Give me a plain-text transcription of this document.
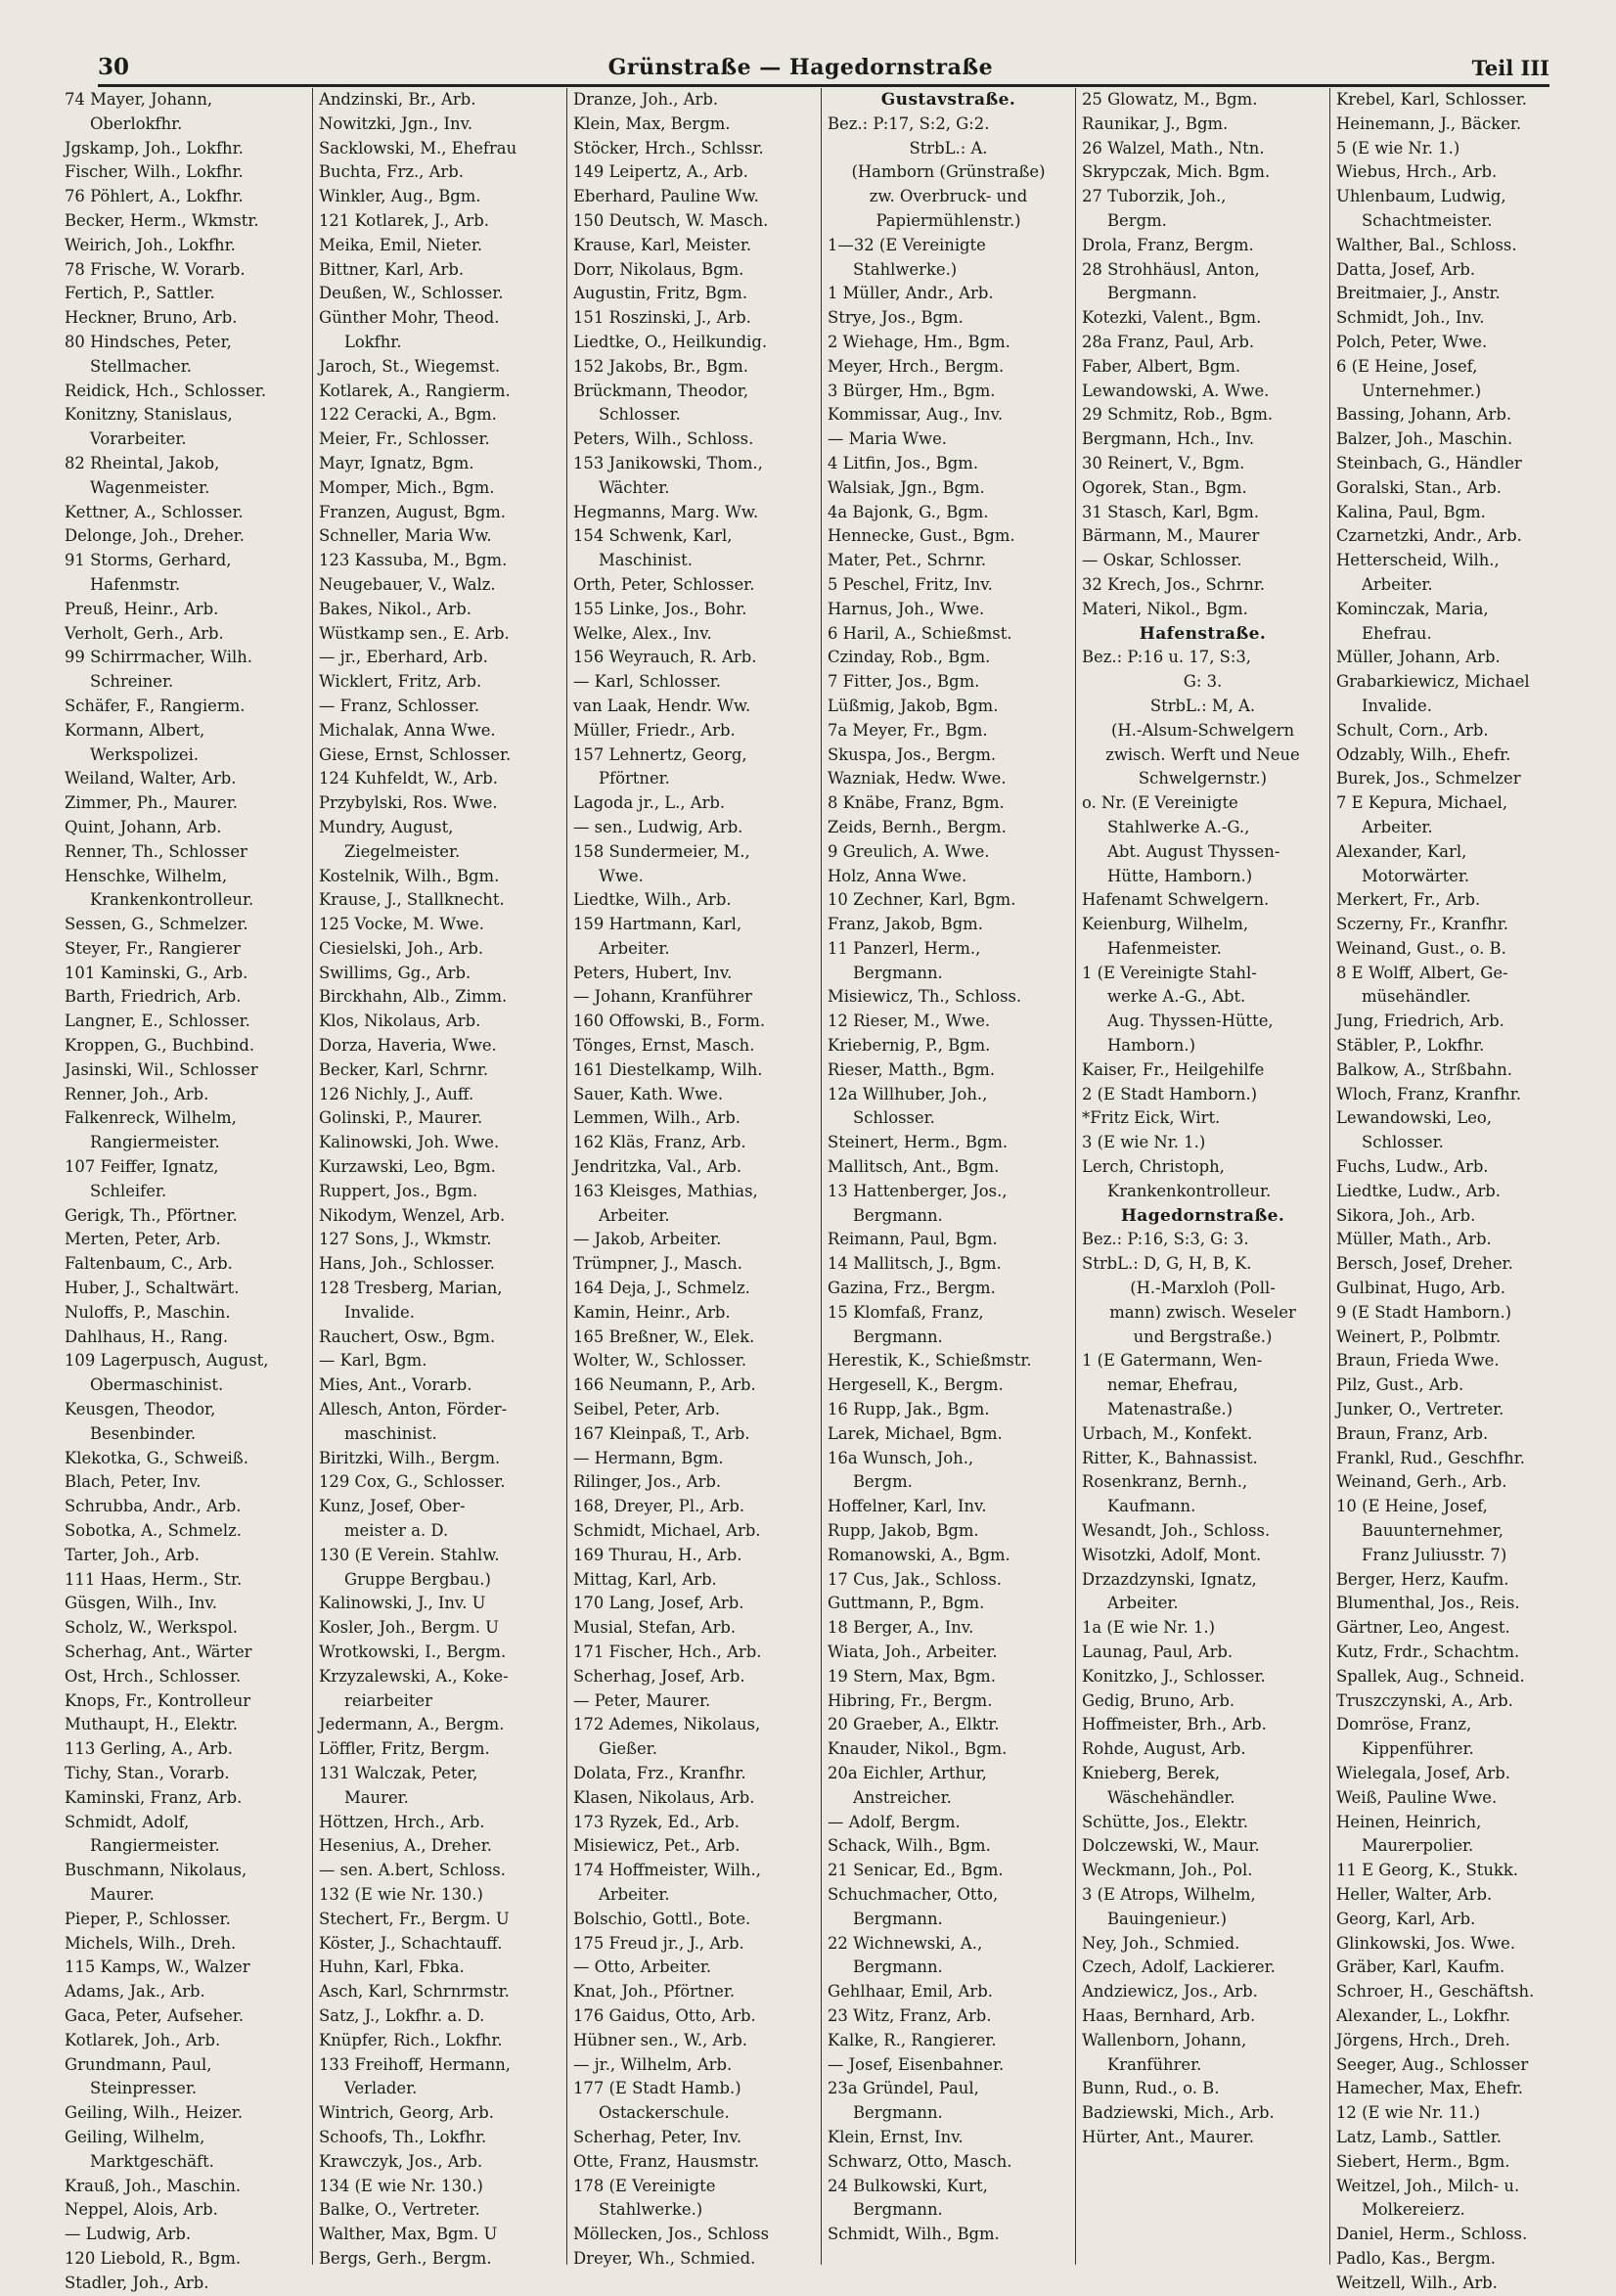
30	Grünstraße — Hagedornstraße	Teil III
74 Mayer, Johann,
Oberlokfhr.
Jgskamp, Joh., Lokfhr.
Fischer, Wilh., Lokfhr.
76 Pöhlert, A., Lokfhr.
Becker, Herm., Wkmstr.
Weirich, Joh., Lokfhr.
78 Frische, W. Vorarb.
Fertich, P., Sattler.
Heckner, Bruno, Arb.
80 Hindsches, Peter,
Stellmacher.
Reidick, Hch., Schlosser.
Konitzny, Stanislaus,
Vorarbeiter.
82 Rheintal, Jakob,
Wagenmeister.
Kettner, A., Schlosser.
Delonge, Joh., Dreher.
91 Storms, Gerhard,
Hafenmstr.
Preuß, Heinr., Arb.
Verholt, Gerh., Arb.
99 Schirrmacher, Wilh.
Schreiner.
Schäfer, F., Rangierm.
Kormann, Albert,
Werkspolizei.
Weiland, Walter, Arb.
Zimmer, Ph., Maurer.
Quint, Johann, Arb.
Renner, Th., Schlosser
Henschke, Wilhelm,
Krankenkontrolleur.
Sessen, G., Schmelzer.
Steyer, Fr., Rangierer
101 Kaminski, G., Arb.
Barth, Friedrich, Arb.
Langner, E., Schlosser.
Kroppen, G., Buchbind.
Jasinski, Wil., Schlosser
Renner, Joh., Arb.
Falkenreck, Wilhelm,
Rangiermeister.
107 Feiffer, Ignatz,
Schleifer.
Gerigk, Th., Pförtner.
Merten, Peter, Arb.
Faltenbaum, C., Arb.
Huber, J., Schaltwärt.
Nuloffs, P., Maschin.
Dahlhaus, H., Rang.
109 Lagerpusch, August,
Obermaschinist.
Keusgen, Theodor,
Besenbinder.
Klekotka, G., Schweiß.
Blach, Peter, Inv.
Schrubba, Andr., Arb.
Sobotka, A., Schmelz.
Tarter, Joh., Arb.
111 Haas, Herm., Str.
Güsgen, Wilh., Inv.
Scholz, W., Werkspol.
Scherhag, Ant., Wärter
Ost, Hrch., Schlosser.
Knops, Fr., Kontrolleur
Muthaupt, H., Elektr.
113 Gerling, A., Arb.
Tichy, Stan., Vorarb.
Kaminski, Franz, Arb.
Schmidt, Adolf,
Rangiermeister.
Buschmann, Nikolaus,
Maurer.
Pieper, P., Schlosser.
Michels, Wilh., Dreh.
115 Kamps, W., Walzer
Adams, Jak., Arb.
Gaca, Peter, Aufseher.
Kotlarek, Joh., Arb.
Grundmann, Paul,
Steinpresser.
Geiling, Wilh., Heizer.
Geiling, Wilhelm,
Marktgeschäft.
Krauß, Joh., Maschin.
Neppel, Alois, Arb.
— Ludwig, Arb.
120 Liebold, R., Bgm.
Stadler, Joh., Arb.
Andzinski, Br., Arb.
Nowitzki, Jgn., Inv.
Sacklowski, M., Ehefrau
Buchta, Frz., Arb.
Winkler, Aug., Bgm.
121 Kotlarek, J., Arb.
Meika, Emil, Nieter.
Bittner, Karl, Arb.
Deußen, W., Schlosser.
Günther Mohr, Theod.
Lokfhr.
Jaroch, St., Wiegemst.
Kotlarek, A., Rangierm.
122 Ceracki, A., Bgm.
Meier, Fr., Schlosser.
Mayr, Ignatz, Bgm.
Momper, Mich., Bgm.
Franzen, August, Bgm.
Schneller, Maria Ww.
123 Kassuba, M., Bgm.
Neugebauer, V., Walz.
Bakes, Nikol., Arb.
Wüstkamp sen., E. Arb.
— jr., Eberhard, Arb.
Wicklert, Fritz, Arb.
— Franz, Schlosser.
Michalak, Anna Wwe.
Giese, Ernst, Schlosser.
124 Kuhfeldt, W., Arb.
Przybylski, Ros. Wwe.
Mundry, August,
Ziegelmeister.
Kostelnik, Wilh., Bgm.
Krause, J., Stallknecht.
125 Vocke, M. Wwe.
Ciesielski, Joh., Arb.
Swillims, Gg., Arb.
Birckhahn, Alb., Zimm.
Klos, Nikolaus, Arb.
Dorza, Haveria, Wwe.
Becker, Karl, Schrnr.
126 Nichly, J., Auff.
Golinski, P., Maurer.
Kalinowski, Joh. Wwe.
Kurzawski, Leo, Bgm.
Ruppert, Jos., Bgm.
Nikodym, Wenzel, Arb.
127 Sons, J., Wkmstr.
Hans, Joh., Schlosser.
128 Tresberg, Marian,
Invalide.
Rauchert, Osw., Bgm.
— Karl, Bgm.
Mies, Ant., Vorarb.
Allesch, Anton, Förder-
maschinist.
Biritzki, Wilh., Bergm.
129 Cox, G., Schlosser.
Kunz, Josef, Ober-
meister a. D.
130 (E Verein. Stahlw.
Gruppe Bergbau.)
Kalinowski, J., Inv. U
Kosler, Joh., Bergm. U
Wrotkowski, I., Bergm.
Krzyzalewski, A., Koke-
reiarbeiter
Jedermann, A., Bergm.
Löffler, Fritz, Bergm.
131 Walczak, Peter,
Maurer.
Höttzen, Hrch., Arb.
Hesenius, A., Dreher.
— sen. A.bert, Schloss.
132 (E wie Nr. 130.)
Stechert, Fr., Bergm. U
Köster, J., Schachtauff.
Huhn, Karl, Fbka.
Asch, Karl, Schrnrmstr.
Satz, J., Lokfhr. a. D.
Knüpfer, Rich., Lokfhr.
133 Freihoff, Hermann,
Verlader.
Wintrich, Georg, Arb.
Schoofs, Th., Lokfhr.
Krawczyk, Jos., Arb.
134 (E wie Nr. 130.)
Balke, O., Vertreter.
Walther, Max, Bgm. U
Bergs, Gerh., Bergm.
Dranze, Joh., Arb.
Klein, Max, Bergm.
Stöcker, Hrch., Schlssr.
149 Leipertz, A., Arb.
Eberhard, Pauline Ww.
150 Deutsch, W. Masch.
Krause, Karl, Meister.
Dorr, Nikolaus, Bgm.
Augustin, Fritz, Bgm.
151 Roszinski, J., Arb.
Liedtke, O., Heilkundig.
152 Jakobs, Br., Bgm.
Brückmann, Theodor,
Schlosser.
Peters, Wilh., Schloss.
153 Janikowski, Thom.,
Wächter.
Hegmanns, Marg. Ww.
154 Schwenk, Karl,
Maschinist.
Orth, Peter, Schlosser.
155 Linke, Jos., Bohr.
Welke, Alex., Inv.
156 Weyrauch, R. Arb.
— Karl, Schlosser.
van Laak, Hendr. Ww.
Müller, Friedr., Arb.
157 Lehnertz, Georg,
Pförtner.
Lagoda jr., L., Arb.
— sen., Ludwig, Arb.
158 Sundermeier, M.,
Wwe.
Liedtke, Wilh., Arb.
159 Hartmann, Karl,
Arbeiter.
Peters, Hubert, Inv.
— Johann, Kranführer
160 Offowski, B., Form.
Tönges, Ernst, Masch.
161 Diestelkamp, Wilh.
Sauer, Kath. Wwe.
Lemmen, Wilh., Arb.
162 Kläs, Franz, Arb.
Jendritzka, Val., Arb.
163 Kleisges, Mathias,
Arbeiter.
— Jakob, Arbeiter.
Trümpner, J., Masch.
164 Deja, J., Schmelz.
Kamin, Heinr., Arb.
165 Breßner, W., Elek.
Wolter, W., Schlosser.
166 Neumann, P., Arb.
Seibel, Peter, Arb.
167 Kleinpaß, T., Arb.
— Hermann, Bgm.
Rilinger, Jos., Arb.
168, Dreyer, Pl., Arb.
Schmidt, Michael, Arb.
169 Thurau, H., Arb.
Mittag, Karl, Arb.
170 Lang, Josef, Arb.
Musial, Stefan, Arb.
171 Fischer, Hch., Arb.
Scherhag, Josef, Arb.
— Peter, Maurer.
172 Ademes, Nikolaus,
Gießer.
Dolata, Frz., Kranfhr.
Klasen, Nikolaus, Arb.
173 Ryzek, Ed., Arb.
Misiewicz, Pet., Arb.
174 Hoffmeister, Wilh.,
Arbeiter.
Bolschio, Gottl., Bote.
175 Freud jr., J., Arb.
— Otto, Arbeiter.
Knat, Joh., Pförtner.
176 Gaidus, Otto, Arb.
Hübner sen., W., Arb.
— jr., Wilhelm, Arb.
177 (E Stadt Hamb.)
Ostackerschule.
Scherhag, Peter, Inv.
Otte, Franz, Hausmstr.
178 (E Vereinigte
Stahlwerke.)
Möllecken, Jos., Schloss
Dreyer, Wh., Schmied.
Gustavstraße.
Bez.: P:17, S:2, G:2.
StrbL.: A.
(Hamborn (Grünstraße)
zw. Overbruck- und
Papiermühlenstr.)
1—32 (E Vereinigte
Stahlwerke.)
1 Müller, Andr., Arb.
Strye, Jos., Bgm.
2 Wiehage, Hm., Bgm.
Meyer, Hrch., Bergm.
3 Bürger, Hm., Bgm.
Kommissar, Aug., Inv.
— Maria Wwe.
4 Litfin, Jos., Bgm.
Walsiak, Jgn., Bgm.
4a Bajonk, G., Bgm.
Hennecke, Gust., Bgm.
Mater, Pet., Schrnr.
5 Peschel, Fritz, Inv.
Harnus, Joh., Wwe.
6 Haril, A., Schießmst.
Czinday, Rob., Bgm.
7 Fitter, Jos., Bgm.
Lüßmig, Jakob, Bgm.
7a Meyer, Fr., Bgm.
Skuspa, Jos., Bergm.
Wazniak, Hedw. Wwe.
8 Knäbe, Franz, Bgm.
Zeids, Bernh., Bergm.
9 Greulich, A. Wwe.
Holz, Anna Wwe.
10 Zechner, Karl, Bgm.
Franz, Jakob, Bgm.
11 Panzerl, Herm.,
Bergmann.
Misiewicz, Th., Schloss.
12 Rieser, M., Wwe.
Kriebernig, P., Bgm.
Rieser, Matth., Bgm.
12a Willhuber, Joh.,
Schlosser.
Steinert, Herm., Bgm.
Mallitsch, Ant., Bgm.
13 Hattenberger, Jos.,
Bergmann.
Reimann, Paul, Bgm.
14 Mallitsch, J., Bgm.
Gazina, Frz., Bergm.
15 Klomfaß, Franz,
Bergmann.
Herestik, K., Schießmstr.
Hergesell, K., Bergm.
16 Rupp, Jak., Bgm.
Larek, Michael, Bgm.
16a Wunsch, Joh.,
Bergm.
Hoffelner, Karl, Inv.
Rupp, Jakob, Bgm.
Romanowski, A., Bgm.
17 Cus, Jak., Schloss.
Guttmann, P., Bgm.
18 Berger, A., Inv.
Wiata, Joh., Arbeiter.
19 Stern, Max, Bgm.
Hibring, Fr., Bergm.
20 Graeber, A., Elktr.
Knauder, Nikol., Bgm.
20a Eichler, Arthur,
Anstreicher.
— Adolf, Bergm.
Schack, Wilh., Bgm.
21 Senicar, Ed., Bgm.
Schuchmacher, Otto,
Bergmann.
22 Wichnewski, A.,
Bergmann.
Gehlhaar, Emil, Arb.
23 Witz, Franz, Arb.
Kalke, R., Rangierer.
— Josef, Eisenbahner.
23a Gründel, Paul,
Bergmann.
Klein, Ernst, Inv.
Schwarz, Otto, Masch.
24 Bulkowski, Kurt,
Bergmann.
Schmidt, Wilh., Bgm.
25 Glowatz, M., Bgm.
Raunikar, J., Bgm.
26 Walzel, Math., Ntn.
Skrypczak, Mich. Bgm.
27 Tuborzik, Joh.,
Bergm.
Drola, Franz, Bergm.
28 Strohhäusl, Anton,
Bergmann.
Kotezki, Valent., Bgm.
28a Franz, Paul, Arb.
Faber, Albert, Bgm.
Lewandowski, A. Wwe.
29 Schmitz, Rob., Bgm.
Bergmann, Hch., Inv.
30 Reinert, V., Bgm.
Ogorek, Stan., Bgm.
31 Stasch, Karl, Bgm.
Bärmann, M., Maurer
— Oskar, Schlosser.
32 Krech, Jos., Schrnr.
Materi, Nikol., Bgm.
Hafenstraße.
Bez.: P:16 u. 17, S:3,
G: 3.
StrbL.: M, A.
(H.-Alsum-Schwelgern
zwisch. Werft und Neue
Schwelgernstr.)
o. Nr. (E Vereinigte
Stahlwerke A.-G.,
Abt. August Thyssen-
Hütte, Hamborn.)
Hafenamt Schwelgern.
Keienburg, Wilhelm,
Hafenmeister.
1 (E Vereinigte Stahl-
werke A.-G., Abt.
Aug. Thyssen-Hütte,
Hamborn.)
Kaiser, Fr., Heilgehilfe
2 (E Stadt Hamborn.)
*Fritz Eick, Wirt.
3 (E wie Nr. 1.)
Lerch, Christoph,
Krankenkontrolleur.
Hagedornstraße.
Bez.: P:16, S:3, G: 3.
StrbL.: D, G, H, B, K.
(H.-Marxloh (Poll-
mann) zwisch. Weseler
und Bergstraße.)
1 (E Gatermann, Wen-
nemar, Ehefrau,
Matenastraße.)
Urbach, M., Konfekt.
Ritter, K., Bahnassist.
Rosenkranz, Bernh.,
Kaufmann.
Wesandt, Joh., Schloss.
Wisotzki, Adolf, Mont.
Drzazdzynski, Ignatz,
Arbeiter.
1a (E wie Nr. 1.)
Launag, Paul, Arb.
Konitzko, J., Schlosser.
Gedig, Bruno, Arb.
Hoffmeister, Brh., Arb.
Rohde, August, Arb.
Knieberg, Berek,
Wäschehändler.
Schütte, Jos., Elektr.
Dolczewski, W., Maur.
Weckmann, Joh., Pol.
3 (E Atrops, Wilhelm,
Bauingenieur.)
Ney, Joh., Schmied.
Czech, Adolf, Lackierer.
Andziewicz, Jos., Arb.
Haas, Bernhard, Arb.
Wallenborn, Johann,
Kranführer.
Bunn, Rud., o. B.
Badziewski, Mich., Arb.
Hürter, Ant., Maurer.
Krebel, Karl, Schlosser.
Heinemann, J., Bäcker.
5 (E wie Nr. 1.)
Wiebus, Hrch., Arb.
Uhlenbaum, Ludwig,
Schachtmeister.
Walther, Bal., Schloss.
Datta, Josef, Arb.
Breitmaier, J., Anstr.
Schmidt, Joh., Inv.
Polch, Peter, Wwe.
6 (E Heine, Josef,
Unternehmer.)
Bassing, Johann, Arb.
Balzer, Joh., Maschin.
Steinbach, G., Händler
Goralski, Stan., Arb.
Kalina, Paul, Bgm.
Czarnetzki, Andr., Arb.
Hetterscheid, Wilh.,
Arbeiter.
Kominczak, Maria,
Ehefrau.
Müller, Johann, Arb.
Grabarkiewicz, Michael
Invalide.
Schult, Corn., Arb.
Odzably, Wilh., Ehefr.
Burek, Jos., Schmelzer
7 E Kepura, Michael,
Arbeiter.
Alexander, Karl,
Motorwärter.
Merkert, Fr., Arb.
Sczerny, Fr., Kranfhr.
Weinand, Gust., o. B.
8 E Wolff, Albert, Ge-
müsehändler.
Jung, Friedrich, Arb.
Stäbler, P., Lokfhr.
Balkow, A., Strßbahn.
Wloch, Franz, Kranfhr.
Lewandowski, Leo,
Schlosser.
Fuchs, Ludw., Arb.
Liedtke, Ludw., Arb.
Sikora, Joh., Arb.
Müller, Math., Arb.
Bersch, Josef, Dreher.
Gulbinat, Hugo, Arb.
9 (E Stadt Hamborn.)
Weinert, P., Polbmtr.
Braun, Frieda Wwe.
Pilz, Gust., Arb.
Junker, O., Vertreter.
Braun, Franz, Arb.
Frankl, Rud., Geschfhr.
Weinand, Gerh., Arb.
10 (E Heine, Josef,
Bauunternehmer,
Franz Juliusstr. 7)
Berger, Herz, Kaufm.
Blumenthal, Jos., Reis.
Gärtner, Leo, Angest.
Kutz, Frdr., Schachtm.
Spallek, Aug., Schneid.
Truszczynski, A., Arb.
Domröse, Franz,
Kippenführer.
Wielegala, Josef, Arb.
Weiß, Pauline Wwe.
Heinen, Heinrich,
Maurerpolier.
11 E Georg, K., Stukk.
Heller, Walter, Arb.
Georg, Karl, Arb.
Glinkowski, Jos. Wwe.
Gräber, Karl, Kaufm.
Schroer, H., Geschäftsh.
Alexander, L., Lokfhr.
Jörgens, Hrch., Dreh.
Seeger, Aug., Schlosser
Hamecher, Max, Ehefr.
12 (E wie Nr. 11.)
Latz, Lamb., Sattler.
Siebert, Herm., Bgm.
Weitzel, Joh., Milch- u.
Molkereierz.
Daniel, Herm., Schloss.
Padlo, Kas., Bergm.
Weitzell, Wilh., Arb.
